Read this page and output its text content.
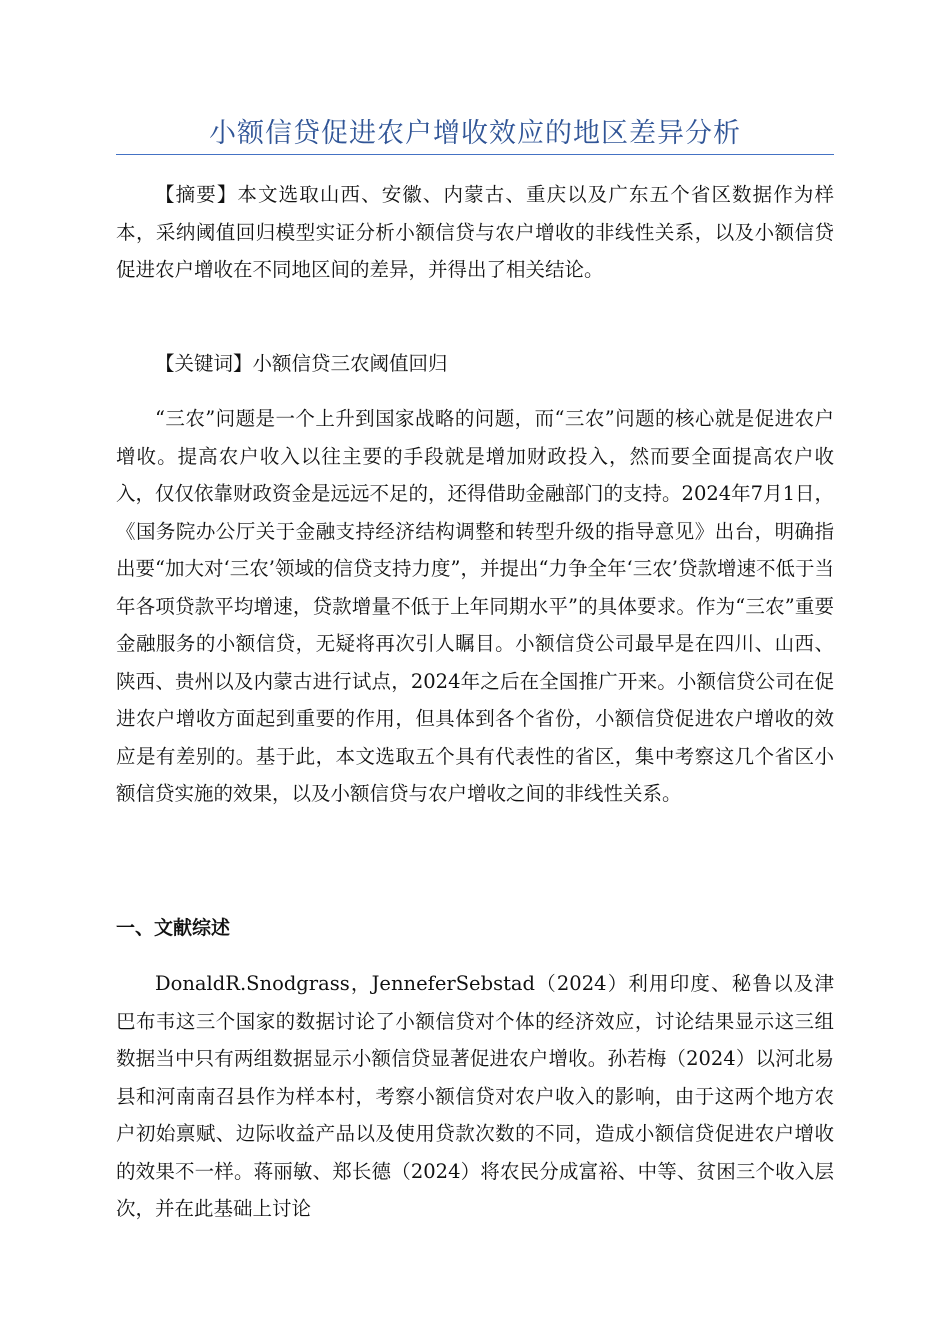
小额信贷促进农户增收效应的地区差异分析

【摘要】本文选取山西、安徽、内蒙古、重庆以及广东五个省区数据作为样本，采纳阈值回归模型实证分析小额信贷与农户增收的非线性关系，以及小额信贷促进农户增收在不同地区间的差异，并得出了相关结论。

【关键词】小额信贷三农阈值回归

“三农”问题是一个上升到国家战略的问题，而“三农”问题的核心就是促进农户增收。提高农户收入以往主要的手段就是增加财政投入，然而要全面提高农户收入，仅仅依靠财政资金是远远不足的，还得借助金融部门的支持。2024年7月1日，《国务院办公厅关于金融支持经济结构调整和转型升级的指导意见》出台，明确指出要“加大对‘三农’领域的信贷支持力度”，并提出“力争全年‘三农’贷款增速不低于当年各项贷款平均增速，贷款增量不低于上年同期水平”的具体要求。作为“三农”重要金融服务的小额信贷，无疑将再次引人瞩目。小额信贷公司最早是在四川、山西、陕西、贵州以及内蒙古进行试点，2024年之后在全国推广开来。小额信贷公司在促进农户增收方面起到重要的作用，但具体到各个省份，小额信贷促进农户增收的效应是有差别的。基于此，本文选取五个具有代表性的省区，集中考察这几个省区小额信贷实施的效果，以及小额信贷与农户增收之间的非线性关系。

一、文献综述

DonaldR.Snodgrass，JenneferSebstad（2024）利用印度、秘鲁以及津巴布韦这三个国家的数据讨论了小额信贷对个体的经济效应，讨论结果显示这三组数据当中只有两组数据显示小额信贷显著促进农户增收。孙若梅（2024）以河北易县和河南南召县作为样本村，考察小额信贷对农户收入的影响，由于这两个地方农户初始禀赋、边际收益产品以及使用贷款次数的不同，造成小额信贷促进农户增收的效果不一样。蒋丽敏、郑长德（2024）将农民分成富裕、中等、贫困三个收入层次，并在此基础上讨论
